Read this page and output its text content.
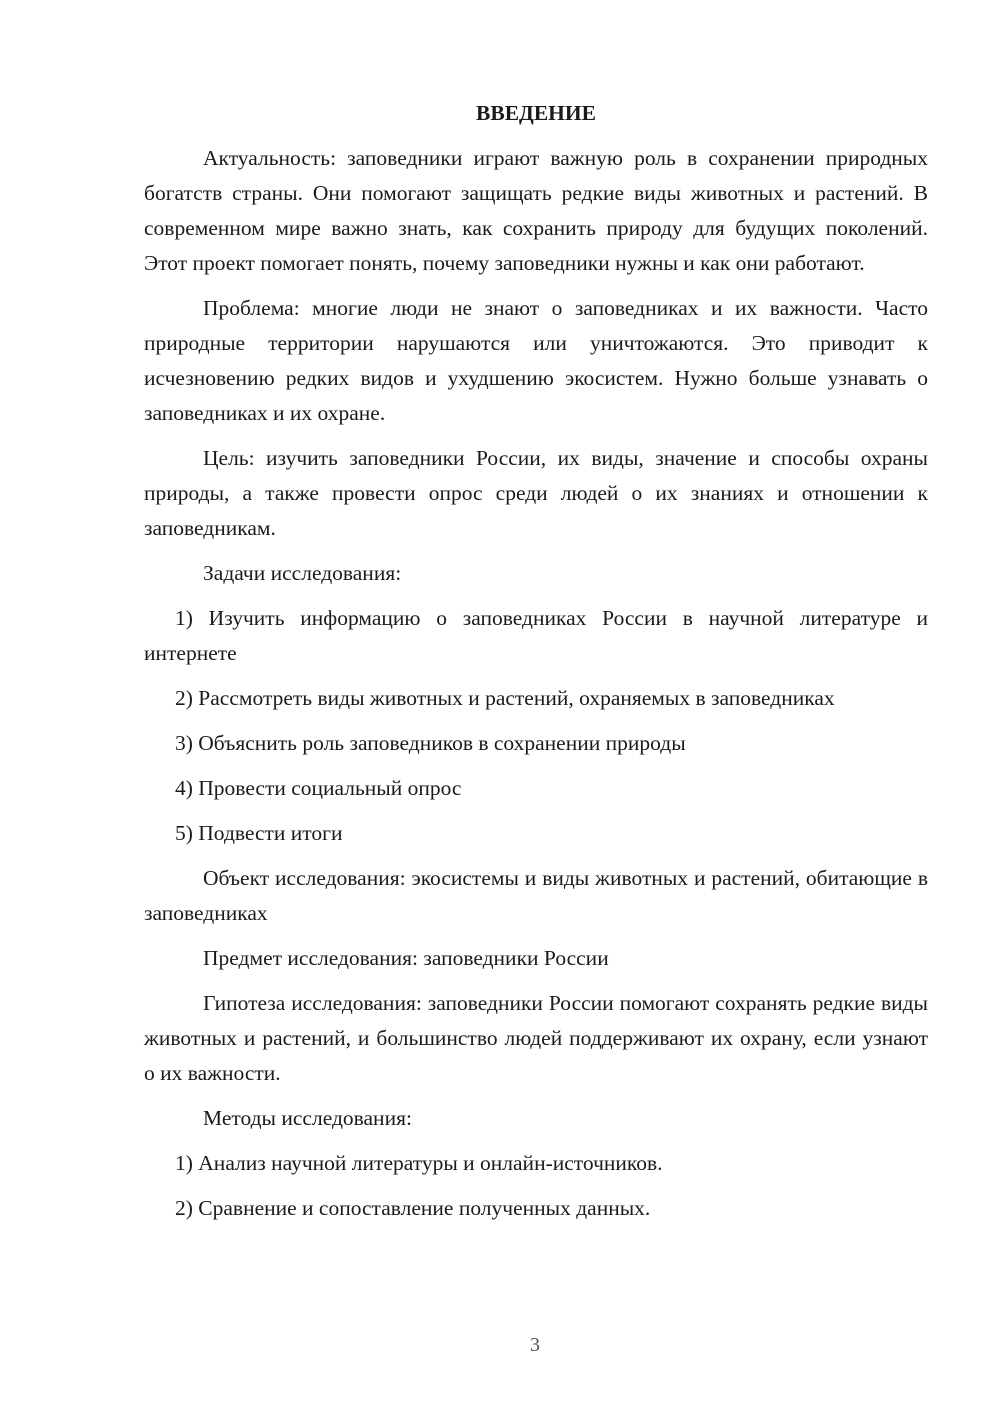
ВВЕДЕНИЕ
Актуальность: заповедники играют важную роль в сохранении природных богатств страны. Они помогают защищать редкие виды животных и растений. В современном мире важно знать, как сохранить природу для будущих поколений. Этот проект помогает понять, почему заповедники нужны и как они работают.
Проблема: многие люди не знают о заповедниках и их важности. Часто природные территории нарушаются или уничтожаются. Это приводит к исчезновению редких видов и ухудшению экосистем. Нужно больше узнавать о заповедниках и их охране.
Цель: изучить заповедники России, их виды, значение и способы охраны природы, а также провести опрос среди людей о их знаниях и отношении к заповедникам.
Задачи исследования:
1) Изучить информацию о заповедниках России в научной литературе и интернете
2) Рассмотреть виды животных и растений, охраняемых в заповедниках
3) Объяснить роль заповедников в сохранении природы
4) Провести социальный опрос
5) Подвести итоги
Объект исследования: экосистемы и виды животных и растений, обитающие в заповедниках
Предмет исследования: заповедники России
Гипотеза исследования: заповедники России помогают сохранять редкие виды животных и растений, и большинство людей поддерживают их охрану, если узнают о их важности.
Методы исследования:
1) Анализ научной литературы и онлайн-источников.
2) Сравнение и сопоставление полученных данных.
3
